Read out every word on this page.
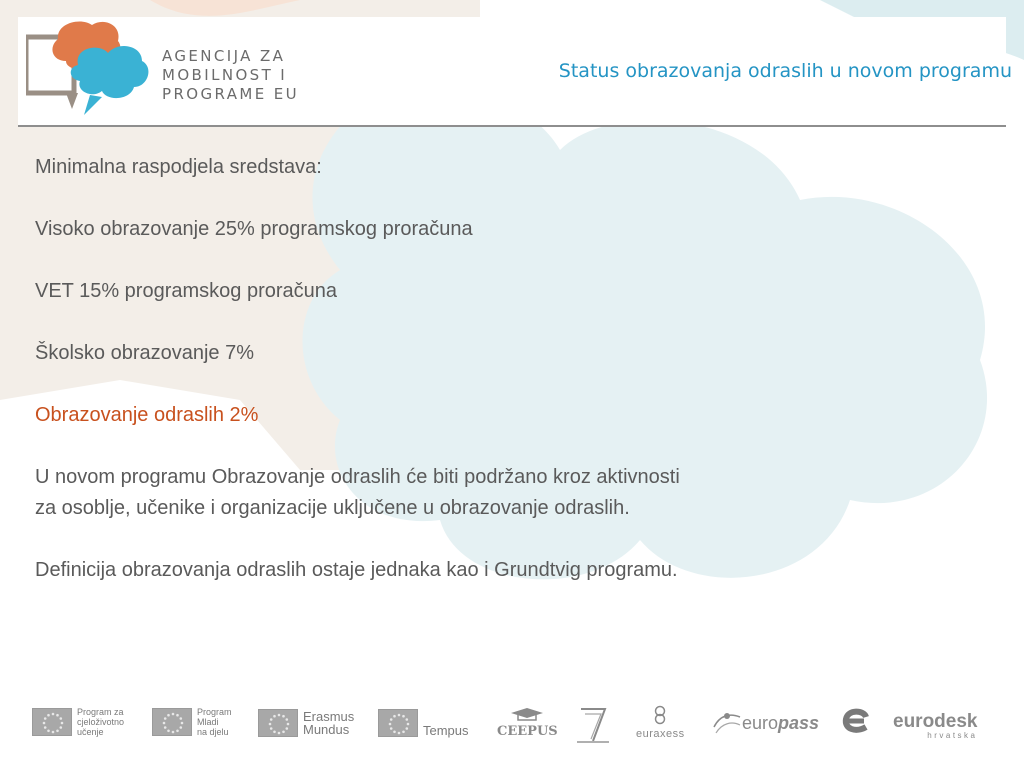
AGENCIJA ZA
MOBILNOST I
PROGRAME EU
Status obrazovanja odraslih u novom programu

Minimalna raspodjela sredstava:

Visoko obrazovanje 25% programskog proračuna

VET 15% programskog proračuna

Školsko obrazovanje 7%

Obrazovanje odraslih 2%

U novom programu Obrazovanje odraslih će biti podržano kroz aktivnosti

za osoblje, učenike i organizacije uključene u obrazovanje odraslih.

Definicija obrazovanja odraslih ostaje jednaka kao i Grundtvig programu.

Program za
cjeloživotno
učenje
Program
Mladi
na djelu
Erasmus
Mundus	Tempus CEEPUS	euraxess
euro pass	eurodesk
hrvatska
